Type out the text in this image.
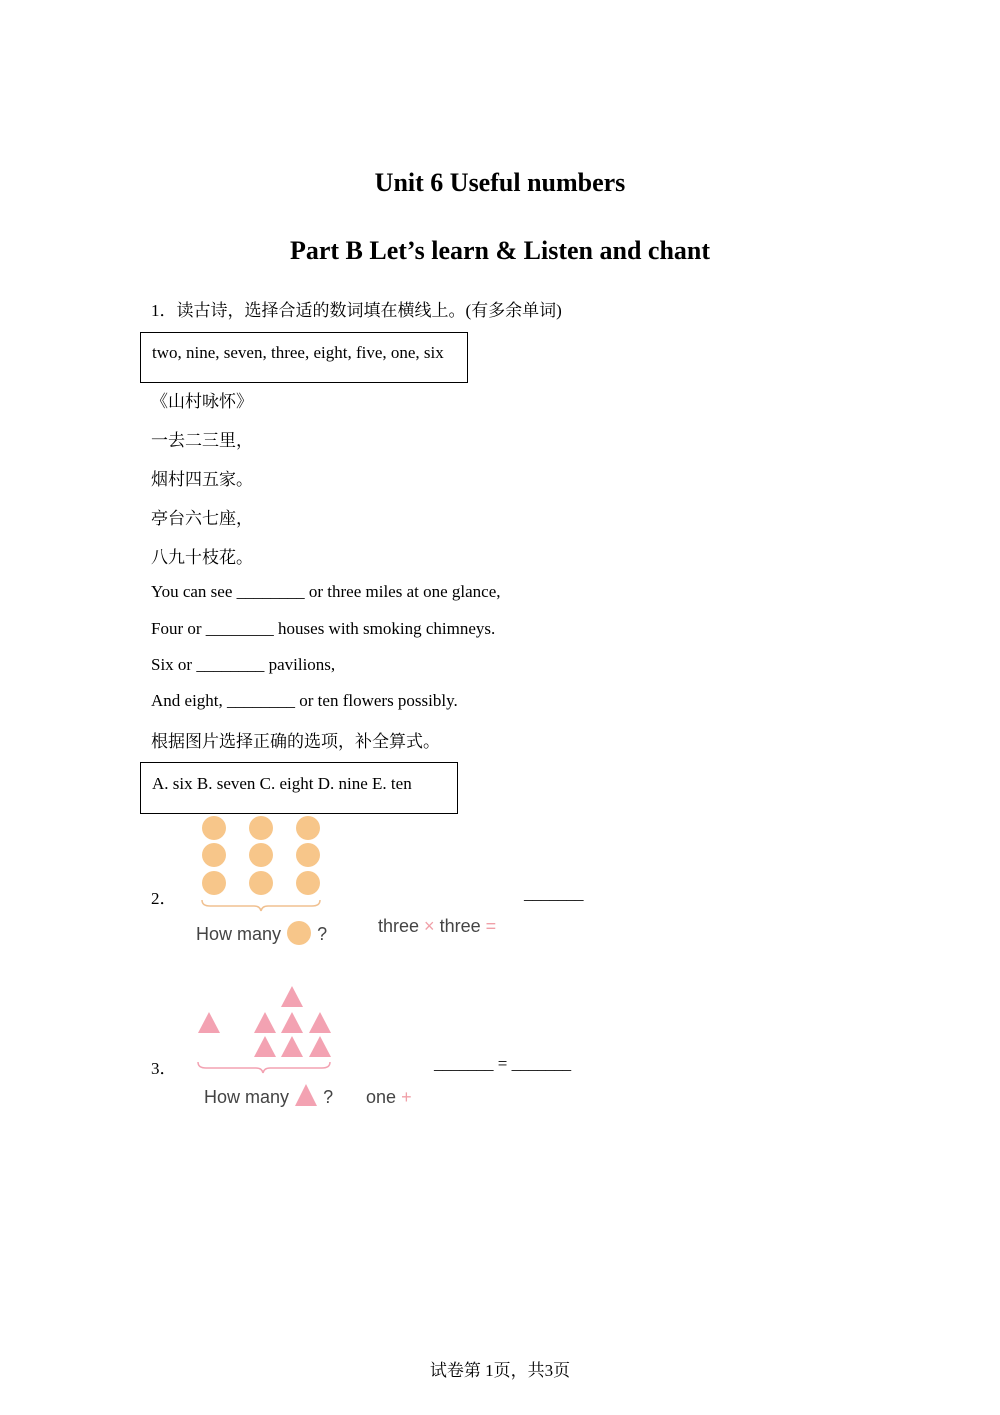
Unit 6 Useful numbers
Part B Let’s learn & Listen and chant
1．读古诗，选择合适的数词填在横线上。(有多余单词)
two, nine, seven, three, eight, five, one, six
《山村咏怀》
一去二三里，
烟村四五家。
亭台六七座，
八九十枝花。
You can see ________ or three miles at one glance,
Four or ________ houses with smoking chimneys.
Six or ________ pavilions,
And eight, ________ or ten flowers possibly.
根据图片选择正确的选项，补全算式。
A. six B. seven C. eight D. nine E. ten
2．
How many ?	three × three =
_______
3．
How many ? one +
_______ = _______
试卷第 1页，共3页
